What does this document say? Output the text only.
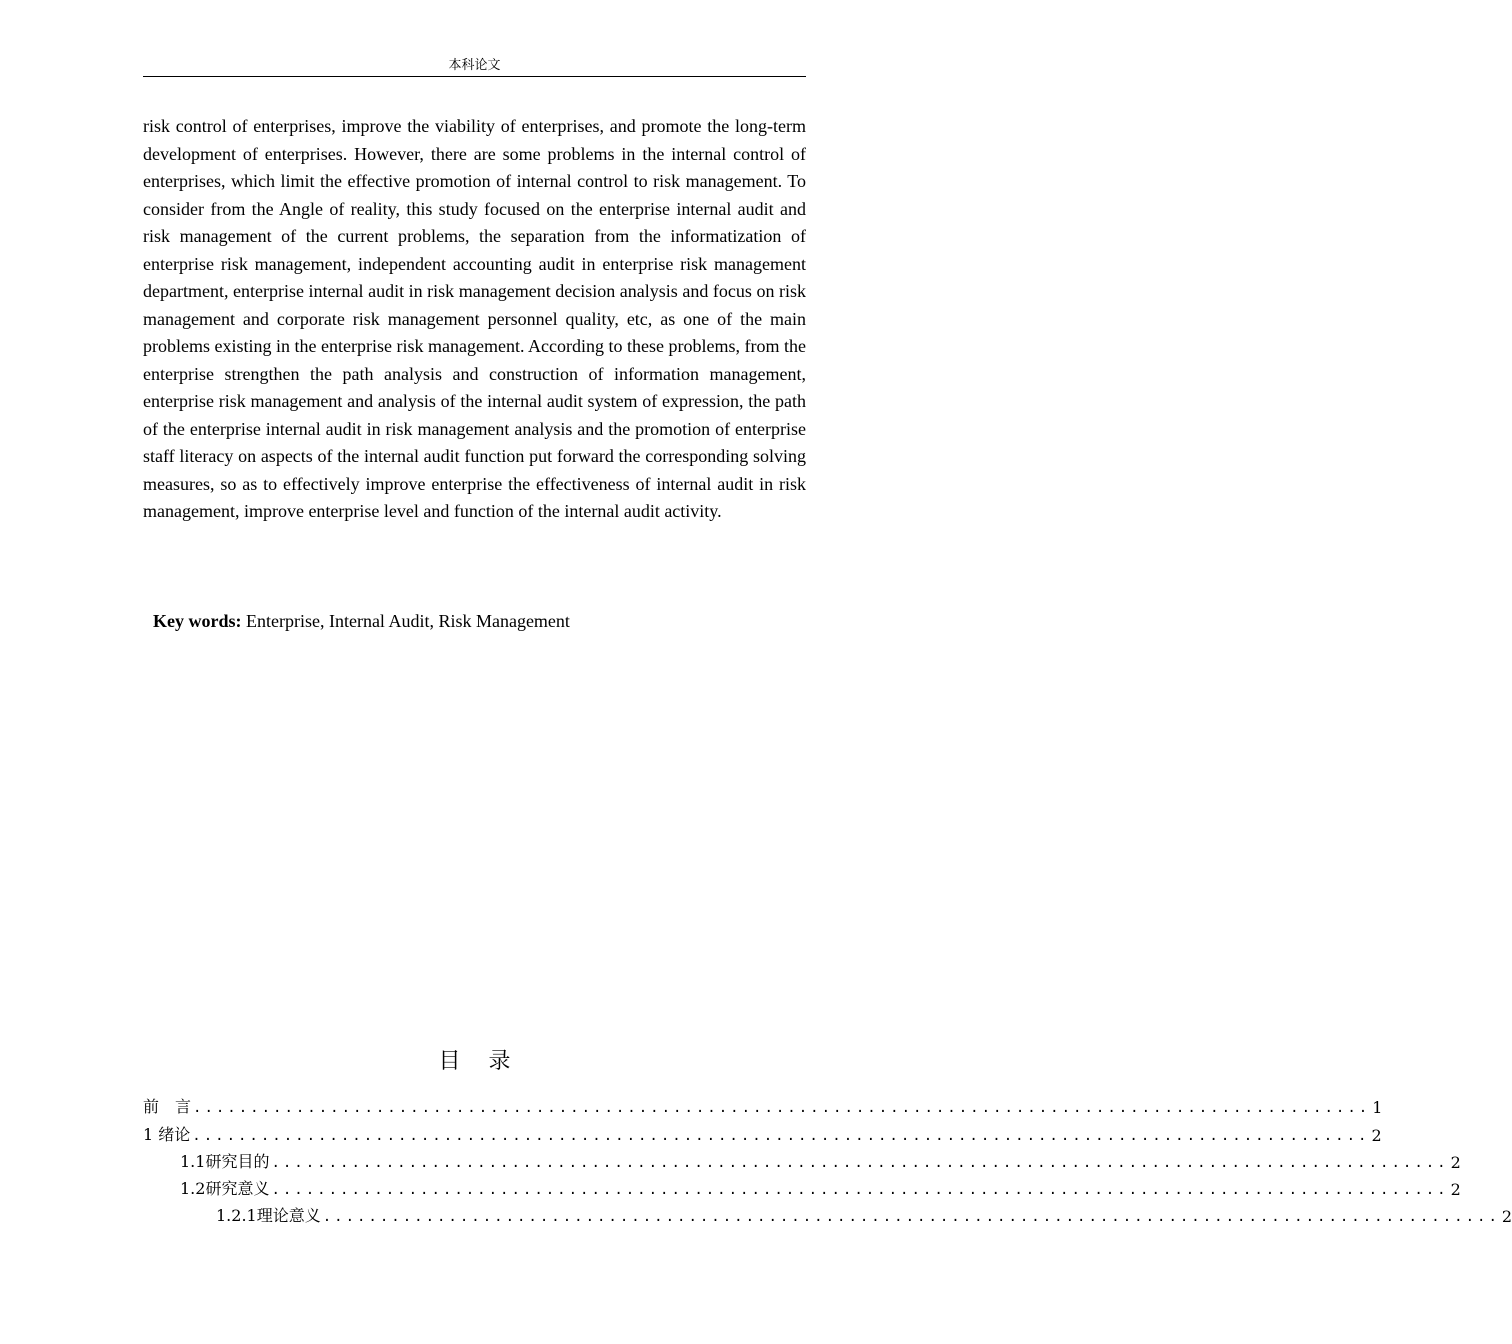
本科论文

risk control of enterprises, improve the viability of enterprises, and promote the long-term development of enterprises. However, there are some problems in the internal control of enterprises, which limit the effective promotion of internal control to risk management. To consider from the Angle of reality, this study focused on the enterprise internal audit and risk management of the current problems, the separation from the informatization of enterprise risk management, independent accounting audit in enterprise risk management department, enterprise internal audit in risk management decision analysis and focus on risk management and corporate risk management personnel quality, etc, as one of the main problems existing in the enterprise risk management. According to these problems, from the enterprise strengthen the path analysis and construction of information management, enterprise risk management and analysis of the internal audit system of expression, the path of the enterprise internal audit in risk management analysis and the promotion of enterprise staff literacy on aspects of the internal audit function put forward the corresponding solving measures, so as to effectively improve enterprise the effectiveness of internal audit in risk management, improve enterprise level and function of the internal audit activity.

Key words: Enterprise, Internal Audit, Risk Management
目 录
前　言 ....................................................................................................... 1
1 绪论 ....................................................................................................... 2
1.1研究目的 ....................................................................................................... 2
1.2研究意义 ....................................................................................................... 2
1.2.1理论意义 ....................................................................................................... 2
